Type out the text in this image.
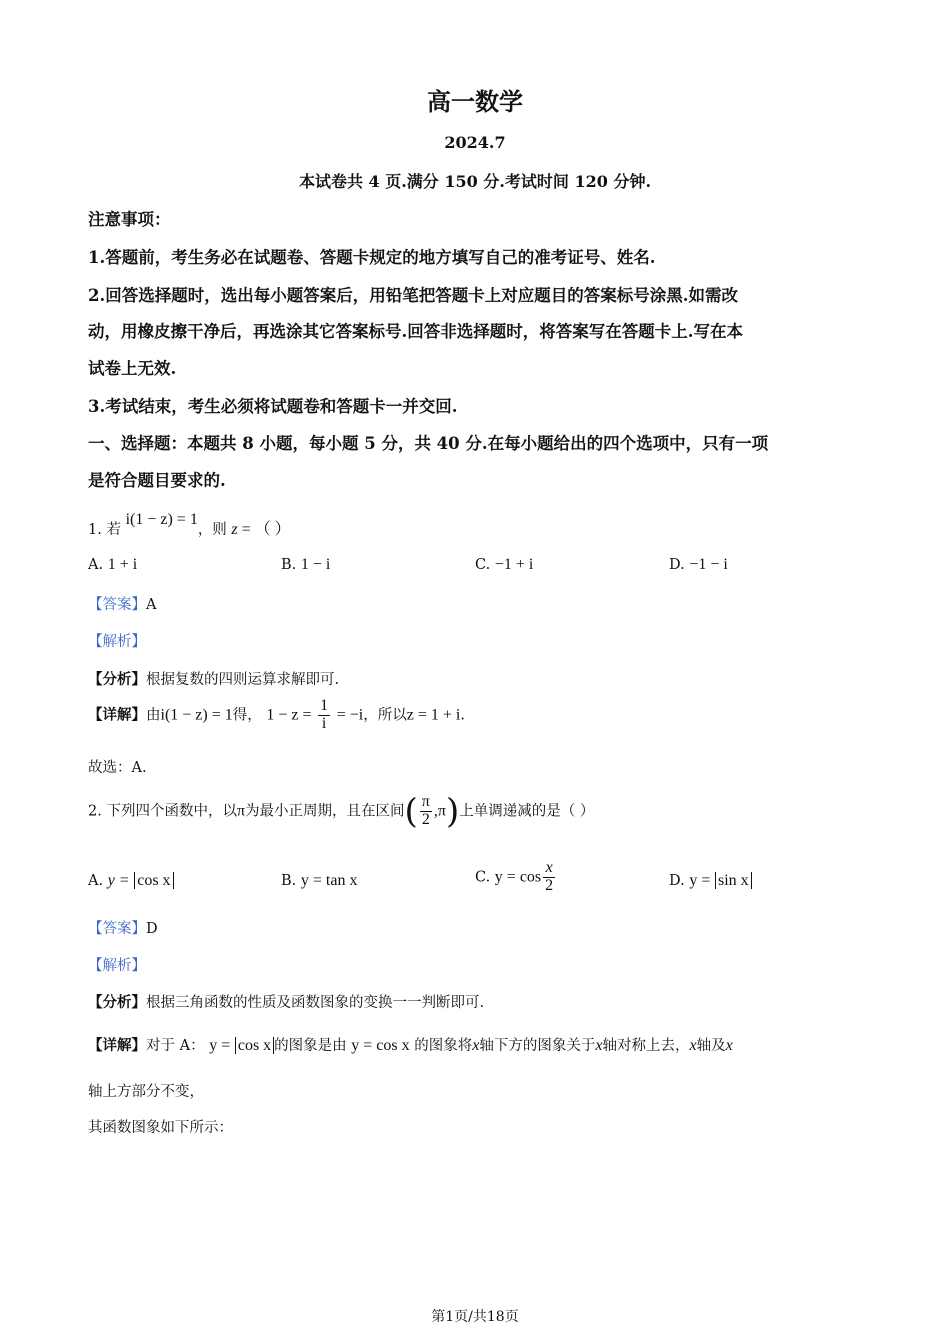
高一数学
2024.7
本试卷共 4 页.满分 150 分.考试时间 120 分钟.
注意事项：
1.答题前，考生务必在试题卷、答题卡规定的地方填写自己的准考证号、姓名.
2.回答选择题时，选出每小题答案后，用铅笔把答题卡上对应题目的答案标号涂黑.如需改
动，用橡皮擦干净后，再选涂其它答案标号.回答非选择题时，将答案写在答题卡上.写在本
试卷上无效.
3.考试结束，考生必须将试题卷和答题卡一并交回.
一、选择题：本题共 8 小题，每小题 5 分，共 40 分.在每小题给出的四个选项中，只有一项
是符合题目要求的.
1. 若 i(1 − z) = 1，则 z = （ ）
A. 1 + i	B. 1 − i	C. −1 + i	D. −1 − i
【答案】A
【解析】
【分析】根据复数的四则运算求解即可.
【详解】由i(1 − z) = 1得， $1 - z = \frac{1}{i} = -i$，所以z = 1 + i.
故选：A.
2. 下列四个函数中，以π为最小正周期，且在区间( $\frac{\pi}{2} ,\pi$)上单调递减的是（ ）
A. y = cos x	B. y = tan x	C. $y = \cos \frac{x}{2}$	D. y = sin x
【答案】D
【解析】
【分析】根据三角函数的性质及函数图象的变换一一判断即可.
【详解】对于 A： y = cos x 的图象是由 y = cos x 的图象将x轴下方的图象关于x轴对称上去，x轴及x
轴上方部分不变，
其函数图象如下所示：
第1页/共18页
